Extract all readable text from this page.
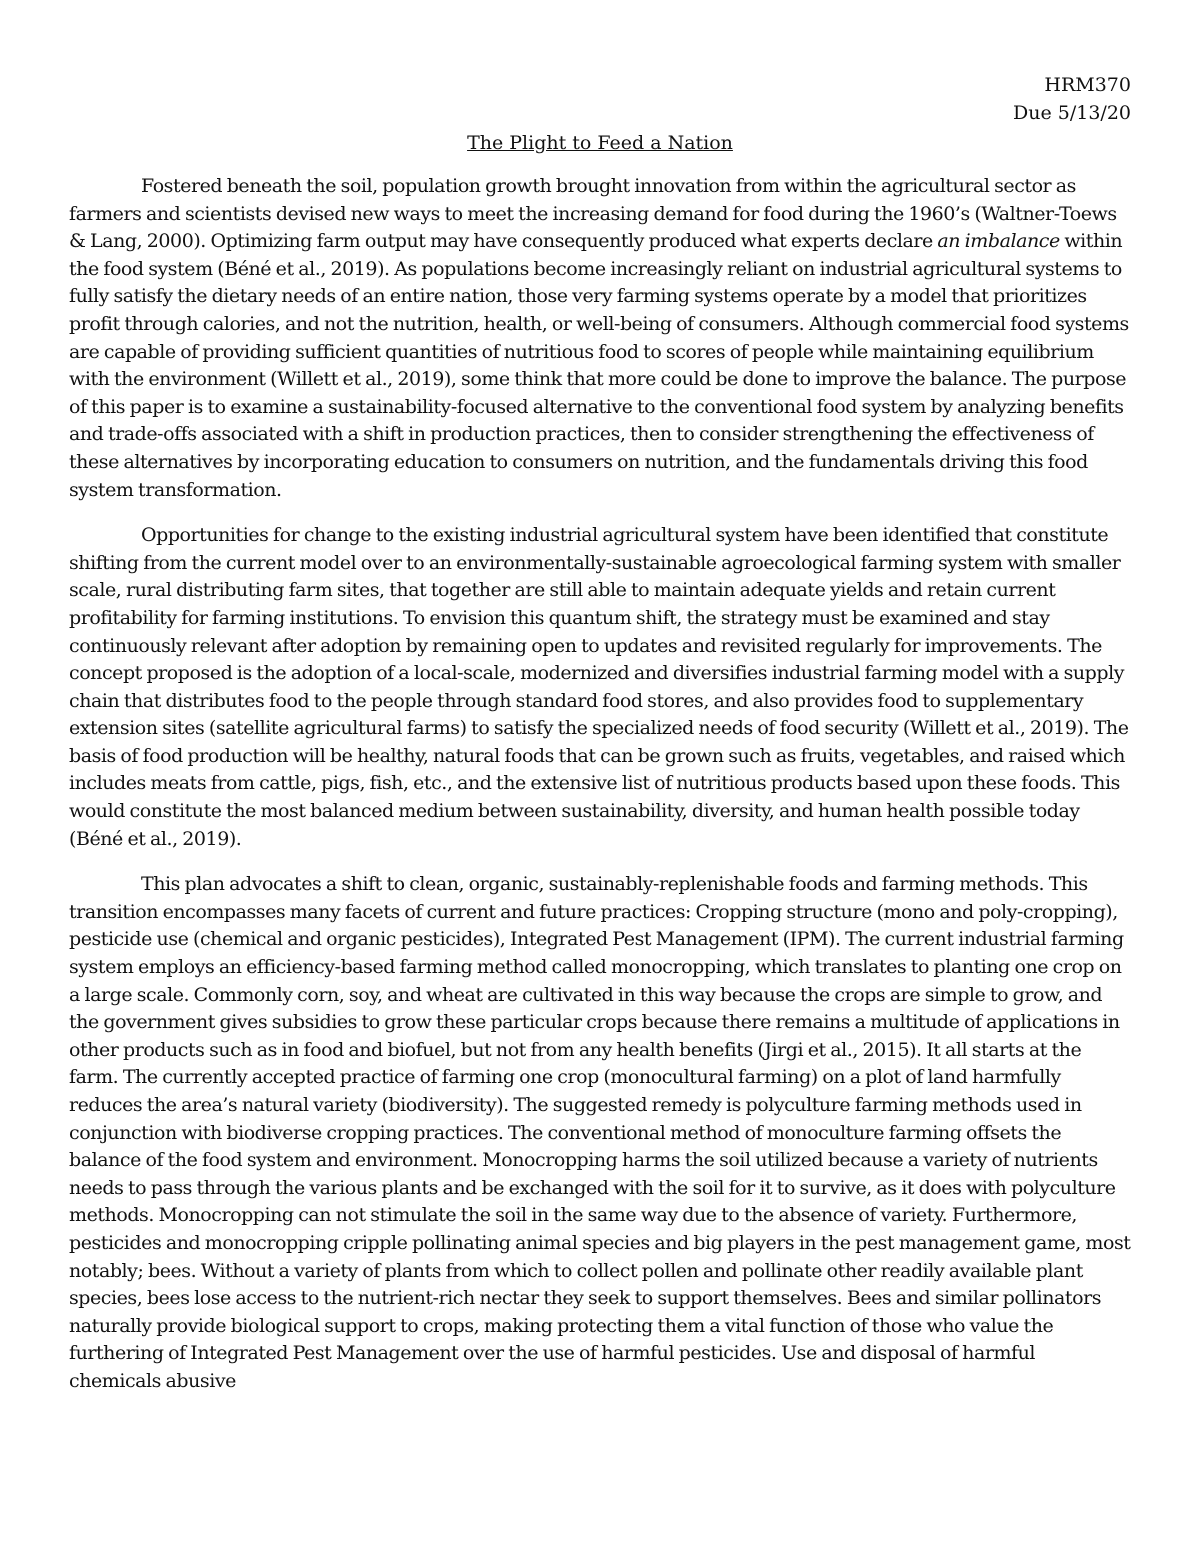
HRM370
Due 5/13/20
The Plight to Feed a Nation

Fostered beneath the soil, population growth brought innovation from within the agricultural sector as farmers and scientists devised new ways to meet the increasing demand for food during the 1960’s (Waltner-Toews & Lang, 2000). Optimizing farm output may have consequently produced what experts declare an imbalance within the food system (Béné et al., 2019). As populations become increasingly reliant on industrial agricultural systems to fully satisfy the dietary needs of an entire nation, those very farming systems operate by a model that prioritizes profit through calories, and not the nutrition, health, or well-being of consumers. Although commercial food systems are capable of providing sufficient quantities of nutritious food to scores of people while maintaining equilibrium with the environment (Willett et al., 2019), some think that more could be done to improve the balance. The purpose of this paper is to examine a sustainability-focused alternative to the conventional food system by analyzing benefits and trade-offs associated with a shift in production practices, then to consider strengthening the effectiveness of these alternatives by incorporating education to consumers on nutrition, and the fundamentals driving this food system transformation.

Opportunities for change to the existing industrial agricultural system have been identified that constitute shifting from the current model over to an environmentally-sustainable agroecological farming system with smaller scale, rural distributing farm sites, that together are still able to maintain adequate yields and retain current profitability for farming institutions. To envision this quantum shift, the strategy must be examined and stay continuously relevant after adoption by remaining open to updates and revisited regularly for improvements. The concept proposed is the adoption of a local-scale, modernized and diversifies industrial farming model with a supply chain that distributes food to the people through standard food stores, and also provides food to supplementary extension sites (satellite agricultural farms) to satisfy the specialized needs of food security (Willett et al., 2019). The basis of food production will be healthy, natural foods that can be grown such as fruits, vegetables, and raised which includes meats from cattle, pigs, fish, etc., and the extensive list of nutritious products based upon these foods. This would constitute the most balanced medium between sustainability, diversity, and human health possible today (Béné et al., 2019).

This plan advocates a shift to clean, organic, sustainably-replenishable foods and farming methods. This transition encompasses many facets of current and future practices: Cropping structure (mono and poly-cropping), pesticide use (chemical and organic pesticides), Integrated Pest Management (IPM). The current industrial farming system employs an efficiency-based farming method called monocropping, which translates to planting one crop on a large scale. Commonly corn, soy, and wheat are cultivated in this way because the crops are simple to grow, and the government gives subsidies to grow these particular crops because there remains a multitude of applications in other products such as in food and biofuel, but not from any health benefits (Jirgi et al., 2015). It all starts at the farm. The currently accepted practice of farming one crop (monocultural farming) on a plot of land harmfully reduces the area’s natural variety (biodiversity). The suggested remedy is polyculture farming methods used in conjunction with biodiverse cropping practices. The conventional method of monoculture farming offsets the balance of the food system and environment. Monocropping harms the soil utilized because a variety of nutrients needs to pass through the various plants and be exchanged with the soil for it to survive, as it does with polyculture methods. Monocropping can not stimulate the soil in the same way due to the absence of variety. Furthermore, pesticides and monocropping cripple pollinating animal species and big players in the pest management game, most notably; bees. Without a variety of plants from which to collect pollen and pollinate other readily available plant species, bees lose access to the nutrient-rich nectar they seek to support themselves. Bees and similar pollinators naturally provide biological support to crops, making protecting them a vital function of those who value the furthering of Integrated Pest Management over the use of harmful pesticides. Use and disposal of harmful chemicals abusive
